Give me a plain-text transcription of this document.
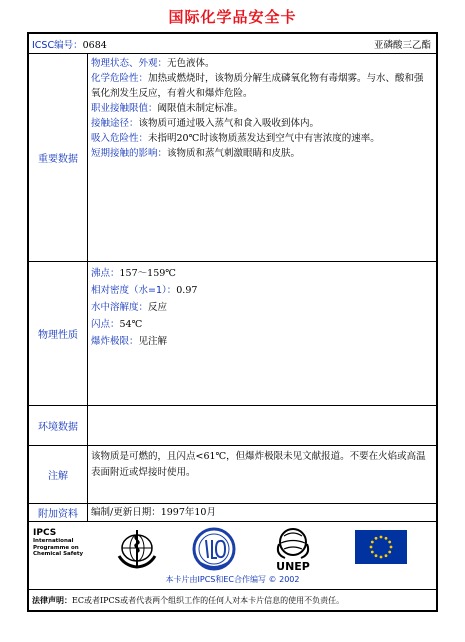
国际化学品安全卡
ICSC编号：0684	亚磷酸三乙酯
重要数据
物理状态、外观：无色液体。
化学危险性：加热或燃烧时，该物质分解生成磷氧化物有毒烟雾。与水、酸和强氧化剂发生反应，有着火和爆炸危险。
职业接触限值：阈限值未制定标准。
接触途径：该物质可通过吸入蒸气和食入吸收到体内。
吸入危险性：未指明20℃时该物质蒸发达到空气中有害浓度的速率。
短期接触的影响：该物质和蒸气刺激眼睛和皮肤。
物理性质
沸点：157～159℃
相对密度（水=1）：0.97
水中溶解度：反应
闪点：54℃
爆炸极限：见注解
环境数据
注解
该物质是可燃的，且闪点<61℃，但爆炸极限未见文献报道。不要在火焰或高温表面附近或焊接时使用。
附加资料	编制/更新日期：1997年10月
IPCS
International
Programme on
Chemical Safety
UNEP
本卡片由IPCS和EC合作编写 © 2002
法律声明：EC或者IPCS或者代表两个组织工作的任何人对本卡片信息的使用不负责任。
